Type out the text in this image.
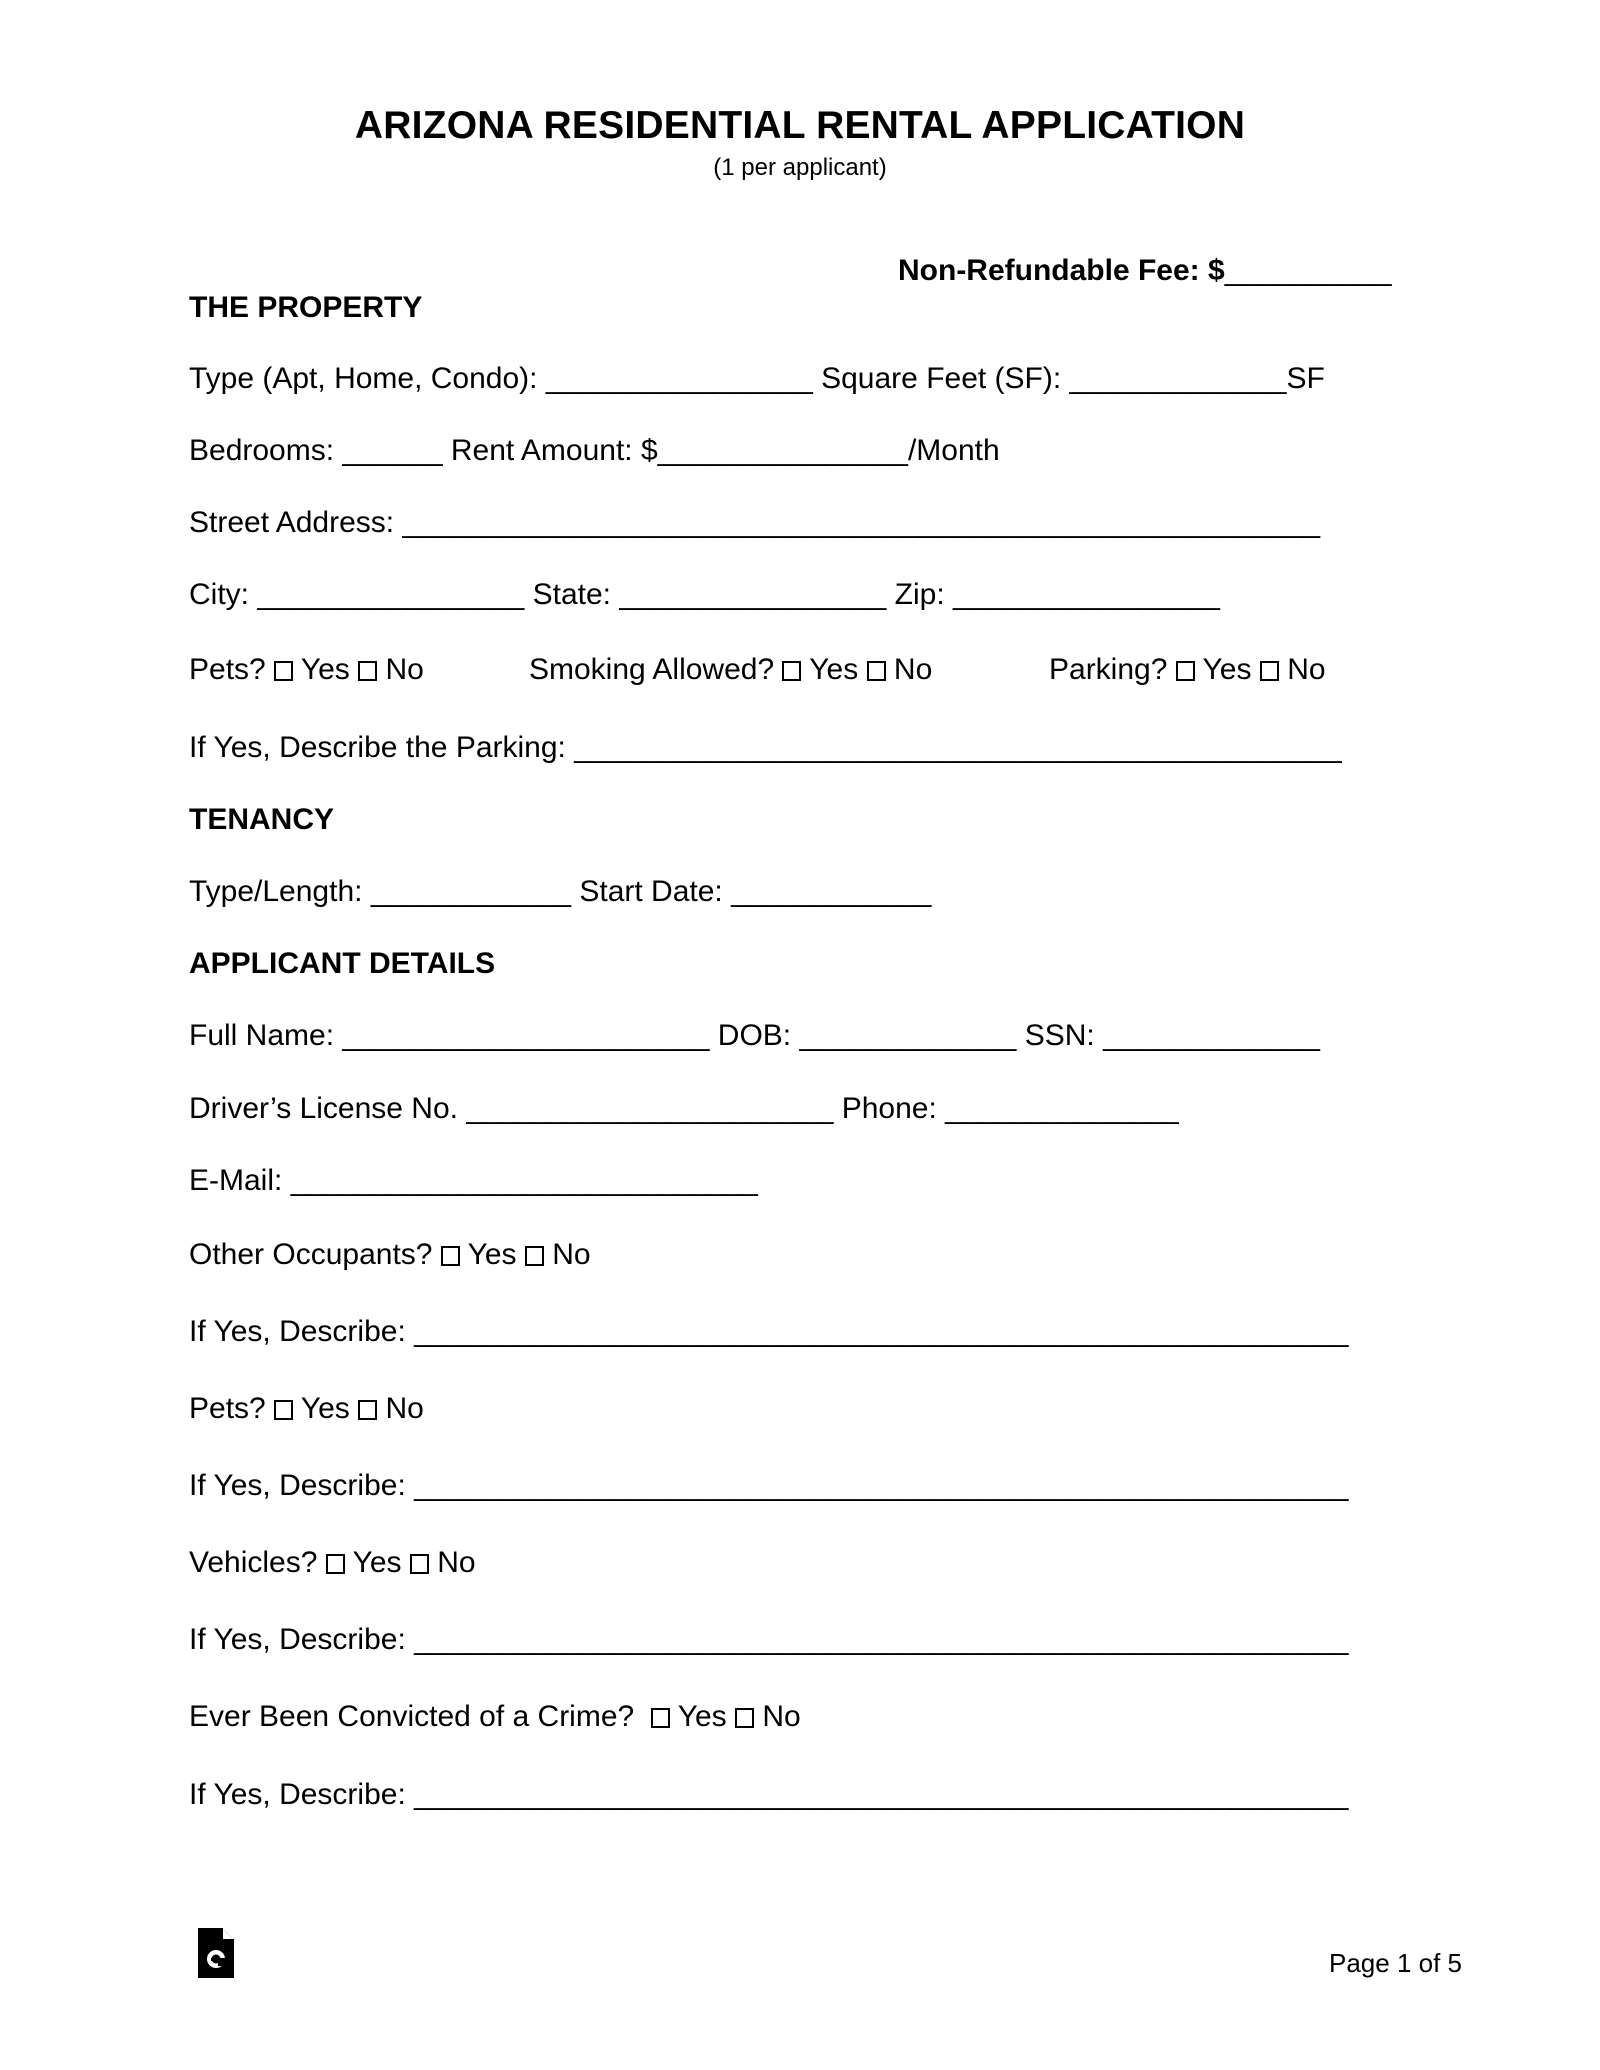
ARIZONA RESIDENTIAL RENTAL APPLICATION
(1 per applicant)
Non-Refundable Fee: $__________
THE PROPERTY
Type (Apt, Home, Condo): ________________ Square Feet (SF): _____________SF
Bedrooms: ______ Rent Amount: $_______________/Month
Street Address: _______________________________________________________
City: ________________ State: ________________ Zip: ________________
Pets?  Yes No	Smoking Allowed?  Yes No	Parking?  Yes No
If Yes, Describe the Parking: ______________________________________________
TENANCY
Type/Length: ____________ Start Date: ____________
APPLICANT DETAILS
Full Name: ______________________ DOB: _____________ SSN: _____________
Driver’s License No. ______________________ Phone: ______________
E-Mail: ____________________________
Other Occupants?  Yes No
If Yes, Describe: ________________________________________________________
Pets?  Yes No
If Yes, Describe: ________________________________________________________
Vehicles?  Yes No
If Yes, Describe: ________________________________________________________
Ever Been Convicted of a Crime?   Yes No
If Yes, Describe: ________________________________________________________
Page 1 of 5
